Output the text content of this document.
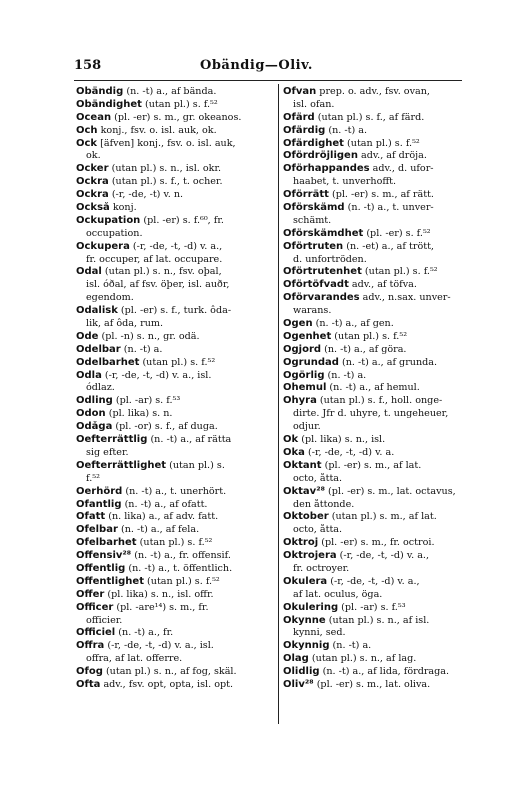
158	Obändig—Oliv.
Obändig (n. -t) a., af bända.
Obändighet (utan pl.) s. f.⁵²
Ocean (pl. -er) s. m., gr. okeanos.
Och konj., fsv. o. isl. auk, ok.
Ock [äfven] konj., fsv. o. isl. auk,
ok.
Ocker (utan pl.) s. n., isl. okr.
Ockra (utan pl.) s. f., t. ocher.
Ockra (-r, -de, -t) v. n.
Också konj.
Ockupation (pl. -er) s. f.⁶⁰, fr.
occupation.
Ockupera (-r, -de, -t, -d) v. a.,
fr. occuper, af lat. occupare.
Odal (utan pl.) s. n., fsv. oþal,
isl. óðal, af fsv. öþer, isl. auðr,
egendom.
Odalisk (pl. -er) s. f., turk. ôda-
lik, af ôda, rum.
Ode (pl. -n) s. n., gr. odä.
Odelbar (n. -t) a.
Odelbarhet (utan pl.) s. f.⁵²
Odla (-r, -de, -t, -d) v. a., isl.
ódlaz.
Odling (pl. -ar) s. f.⁵³
Odon (pl. lika) s. n.
Odåga (pl. -or) s. f., af duga.
Oefterrättlig (n. -t) a., af rätta
sig efter.
Oefterrättlighet (utan pl.) s.
f.⁵²
Oerhörd (n. -t) a., t. unerhört.
Ofantlig (n. -t) a., af ofatt.
Ofatt (n. lika) a., af adv. fatt.
Ofelbar (n. -t) a., af fela.
Ofelbarhet (utan pl.) s. f.⁵²
Offensiv²⁸ (n. -t) a., fr. offensif.
Offentlig (n. -t) a., t. öffentlich.
Offentlighet (utan pl.) s. f.⁵²
Offer (pl. lika) s. n., isl. offr.
Officer (pl. -are¹⁴) s. m., fr.
officier.
Officiel (n. -t) a., fr.
Offra (-r, -de, -t, -d) v. a., isl.
offra, af lat. offerre.
Ofog (utan pl.) s. n., af fog, skäl.
Ofta adv., fsv. opt, opta, isl. opt.
Ofvan prep. o. adv., fsv. ovan,
isl. ofan.
Ofärd (utan pl.) s. f., af färd.
Ofärdig (n. -t) a.
Ofärdighet (utan pl.) s. f.⁵²
Ofördröjligen adv., af dröja.
Oförhappandes adv., d. ufor-
haabet, t. unverhofft.
Oförrätt (pl. -er) s. m., af rätt.
Oförskämd (n. -t) a., t. unver-
schämt.
Oförskämdhet (pl. -er) s. f.⁵²
Oförtruten (n. -et) a., af trött,
d. unfortröden.
Oförtrutenhet (utan pl.) s. f.⁵²
Oförtöfvadt adv., af töfva.
Oförvarandes adv., n.sax. unver-
warans.
Ogen (n. -t) a., af gen.
Ogenhet (utan pl.) s. f.⁵²
Ogjord (n. -t) a., af göra.
Ogrundad (n. -t) a., af grunda.
Ogörlig (n. -t) a.
Ohemul (n. -t) a., af hemul.
Ohyra (utan pl.) s. f., holl. onge-
dirte. Jfr d. uhyre, t. ungeheuer,
odjur.
Ok (pl. lika) s. n., isl.
Oka (-r, -de, -t, -d) v. a.
Oktant (pl. -er) s. m., af lat.
octo, åtta.
Oktav²⁸ (pl. -er) s. m., lat. octavus,
den åttonde.
Oktober (utan pl.) s. m., af lat.
octo, åtta.
Oktroj (pl. -er) s. m., fr. octroi.
Oktrojera (-r, -de, -t, -d) v. a.,
fr. octroyer.
Okulera (-r, -de, -t, -d) v. a.,
af lat. oculus, öga.
Okulering (pl. -ar) s. f.⁵³
Okynne (utan pl.) s. n., af isl.
kynni, sed.
Okynnig (n. -t) a.
Olag (utan pl.) s. n., af lag.
Olidlig (n. -t) a., af lida, fördraga.
Oliv²⁸ (pl. -er) s. m., lat. oliva.
